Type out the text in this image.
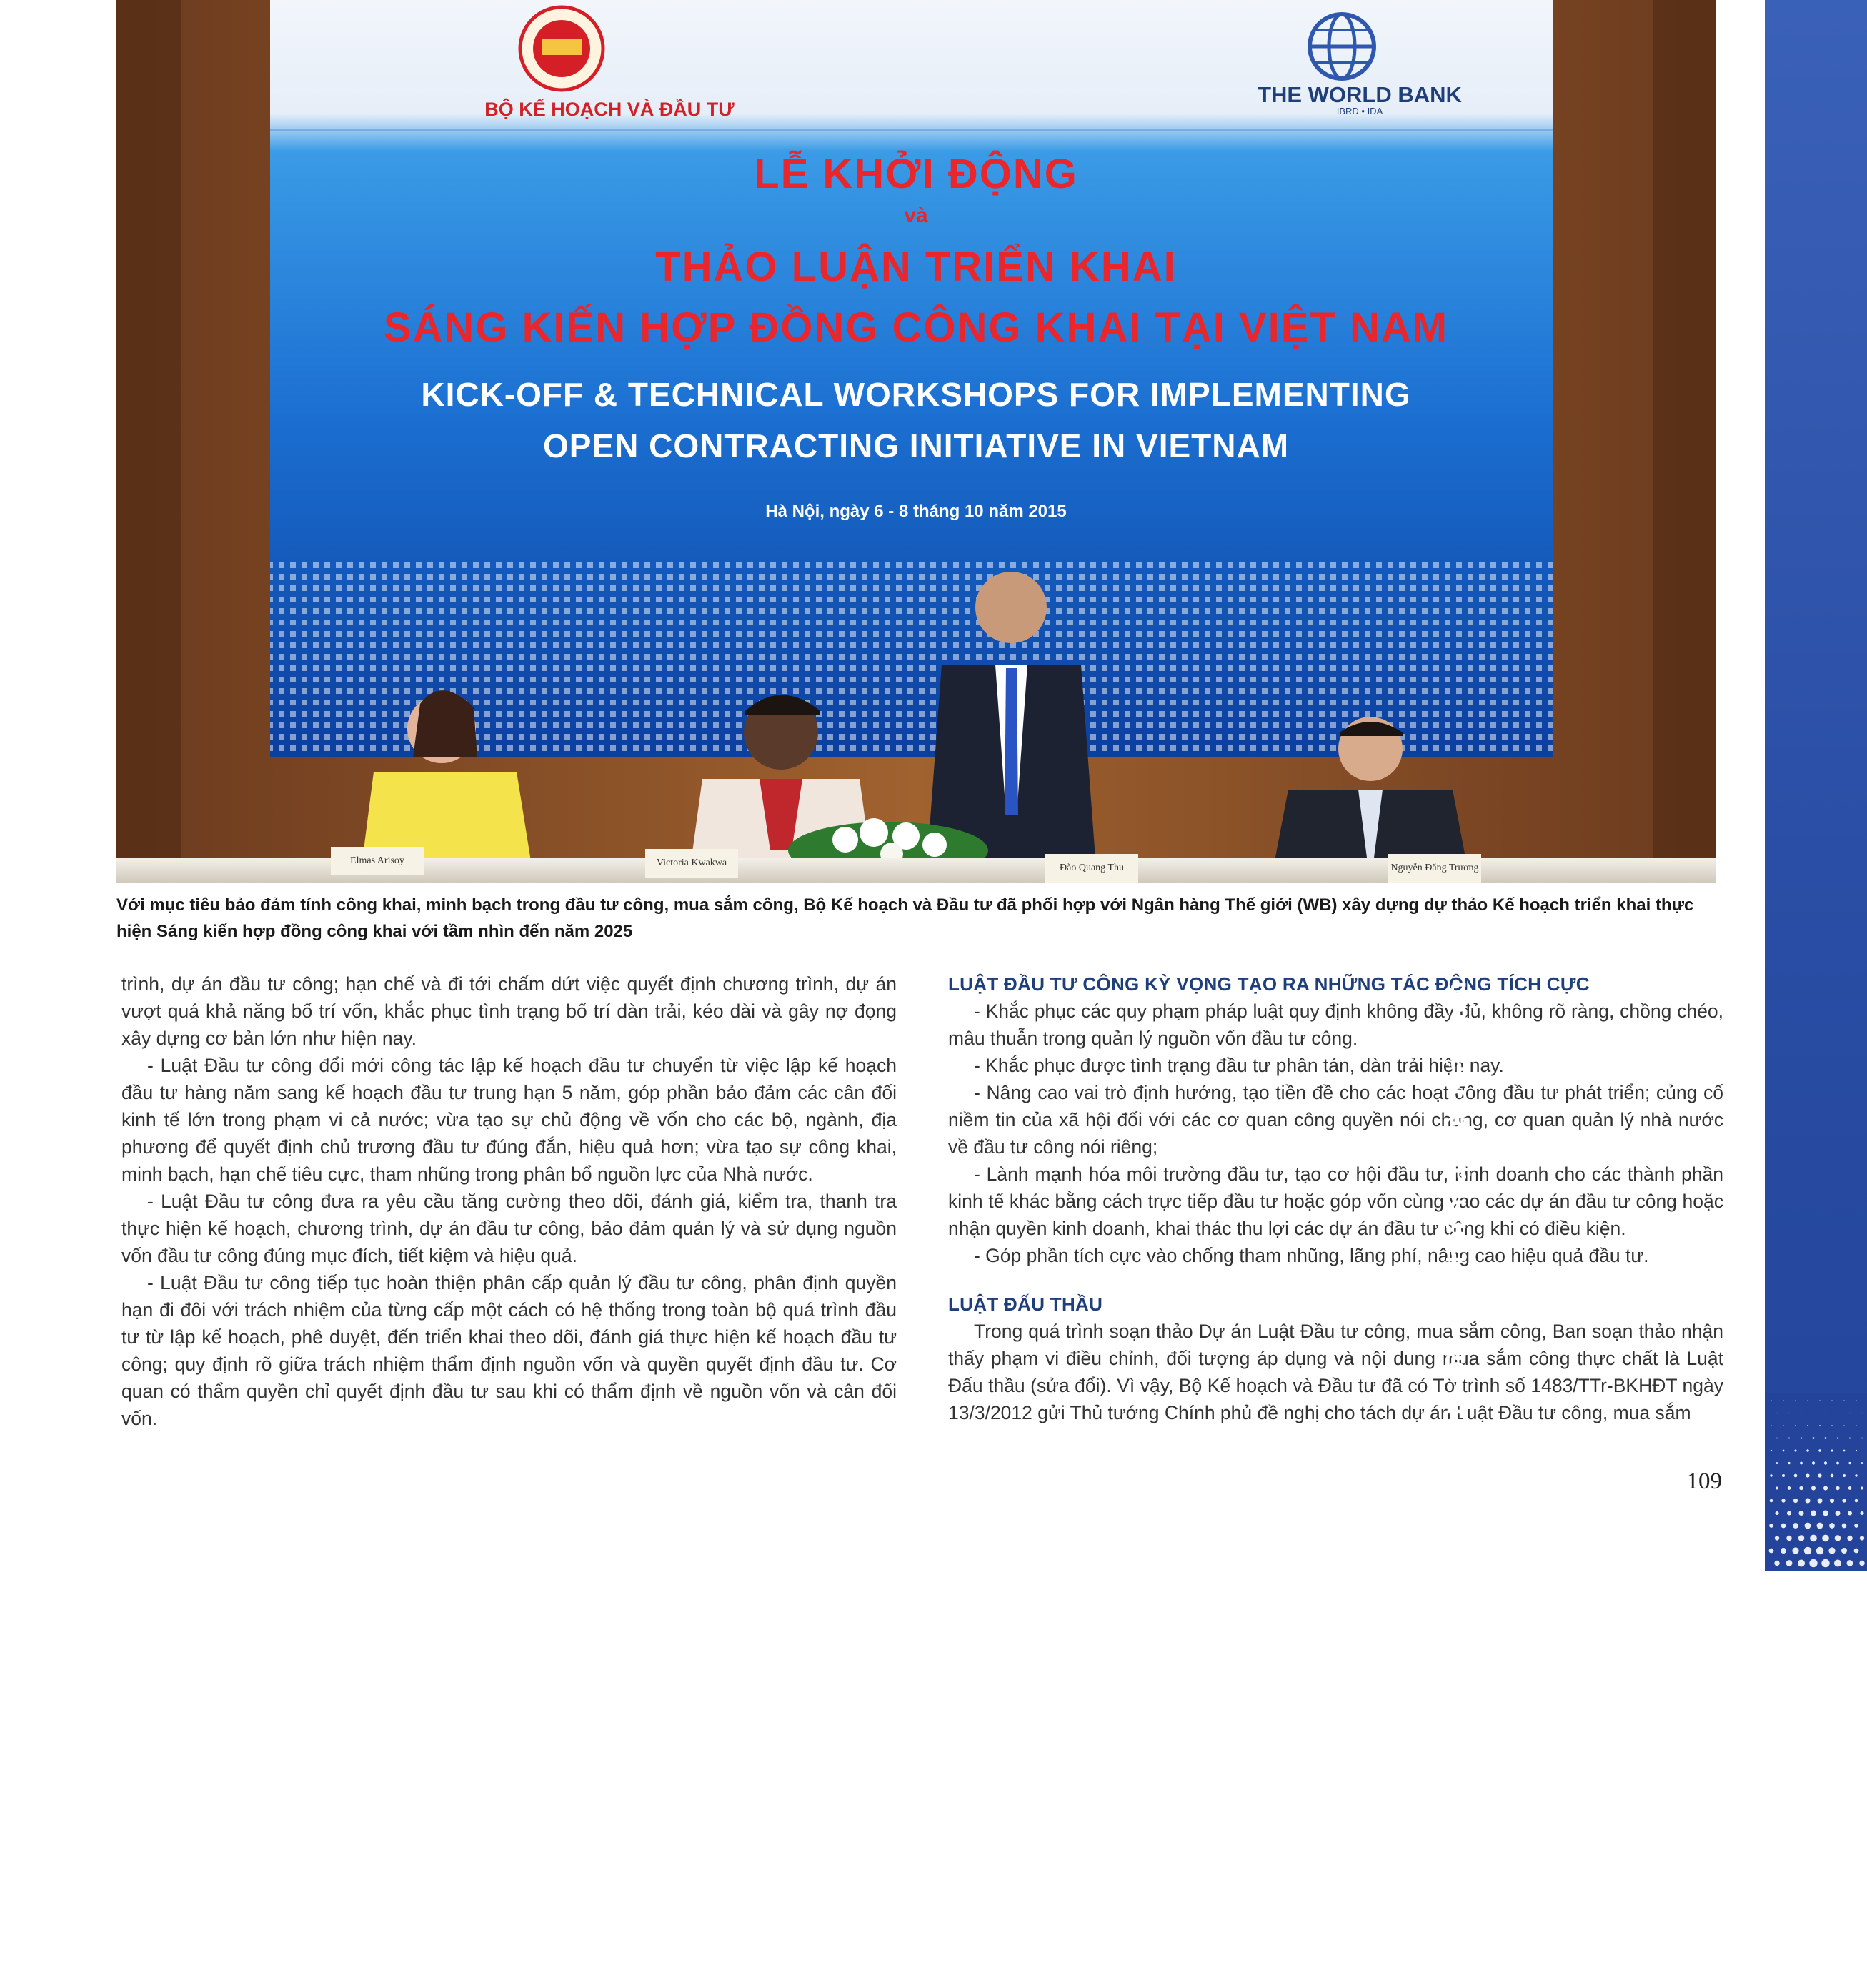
BỘ KẾ HOẠCH VÀ ĐẦU TƯ
THE WORLD BANK
IBRD • IDA
LỄ KHỞI ĐỘNG
và
THẢO LUẬN TRIỂN KHAI
SÁNG KIẾN HỢP ĐỒNG CÔNG KHAI TẠI VIỆT NAM
KICK-OFF & TECHNICAL WORKSHOPS FOR IMPLEMENTING
OPEN CONTRACTING INITIATIVE IN VIETNAM
Hà Nội, ngày 6 - 8 tháng 10 năm 2015
Elmas Arisoy	Victoria Kwakwa	Đào Quang Thu	Nguyễn Đăng Trương

Với mục tiêu bảo đảm tính công khai, minh bạch trong đầu tư công, mua sắm công, Bộ Kế hoạch và Đầu tư đã phối hợp với Ngân hàng Thế giới (WB) xây dựng dự thảo Kế hoạch triển khai thực hiện Sáng kiến hợp đồng công khai với tầm nhìn đến năm 2025

trình, dự án đầu tư công; hạn chế và đi tới chấm dứt việc quyết định chương trình, dự án vượt quá khả năng bố trí vốn, khắc phục tình trạng bố trí dàn trải, kéo dài và gây nợ đọng xây dựng cơ bản lớn như hiện nay.

- Luật Đầu tư công đổi mới công tác lập kế hoạch đầu tư chuyển từ việc lập kế hoạch đầu tư hàng năm sang kế hoạch đầu tư trung hạn 5 năm, góp phần bảo đảm các cân đối kinh tế lớn trong phạm vi cả nước; vừa tạo sự chủ động về vốn cho các bộ, ngành, địa phương để quyết định chủ trương đầu tư đúng đắn, hiệu quả hơn; vừa tạo sự công khai, minh bạch, hạn chế tiêu cực, tham nhũng trong phân bổ nguồn lực của Nhà nước.

- Luật Đầu tư công đưa ra yêu cầu tăng cường theo dõi, đánh giá, kiểm tra, thanh tra thực hiện kế hoạch, chương trình, dự án đầu tư công, bảo đảm quản lý và sử dụng nguồn vốn đầu tư công đúng mục đích, tiết kiệm và hiệu quả.

- Luật Đầu tư công tiếp tục hoàn thiện phân cấp quản lý đầu tư công, phân định quyền hạn đi đôi với trách nhiệm của từng cấp một cách có hệ thống trong toàn bộ quá trình đầu tư từ lập kế hoạch, phê duyệt, đến triển khai theo dõi, đánh giá thực hiện kế hoạch đầu tư công; quy định rõ giữa trách nhiệm thẩm định nguồn vốn và quyền quyết định đầu tư. Cơ quan có thẩm quyền chỉ quyết định đầu tư sau khi có thẩm định về nguồn vốn và cân đối vốn.

LUẬT ĐẦU TƯ CÔNG KỲ VỌNG TẠO RA NHỮNG TÁC ĐỘNG TÍCH CỰC

- Khắc phục các quy phạm pháp luật quy định không đầy đủ, không rõ ràng, chồng chéo, mâu thuẫn trong quản lý nguồn vốn đầu tư công.

- Khắc phục được tình trạng đầu tư phân tán, dàn trải hiện nay.

- Nâng cao vai trò định hướng, tạo tiền đề cho các hoạt động đầu tư phát triển; củng cố niềm tin của xã hội đối với các cơ quan công quyền nói chung, cơ quan quản lý nhà nước về đầu tư công nói riêng;

- Lành mạnh hóa môi trường đầu tư, tạo cơ hội đầu tư, kinh doanh cho các thành phần kinh tế khác bằng cách trực tiếp đầu tư hoặc góp vốn cùng vào các dự án đầu tư công hoặc nhận quyền kinh doanh, khai thác thu lợi các dự án đầu tư công khi có điều kiện.

- Góp phần tích cực vào chống tham nhũng, lãng phí, nâng cao hiệu quả đầu tư.

LUẬT ĐẤU THẦU

Trong quá trình soạn thảo Dự án Luật Đầu tư công, mua sắm công, Ban soạn thảo nhận thấy phạm vi điều chỉnh, đối tượng áp dụng và nội dung mua sắm công thực chất là Luật Đấu thầu (sửa đổi). Vì vậy, Bộ Kế hoạch và Đầu tư đã có Tờ trình số 1483/TTr-BKHĐT ngày 13/3/2012 gửi Thủ tướng Chính phủ đề nghị cho tách dự án Luật Đầu tư công, mua sắm

70 NĂM NGÀNH KẾ HOẠCH VÀ ĐẦU TƯ - Đổi mới, hội nhập và phát triển	109
